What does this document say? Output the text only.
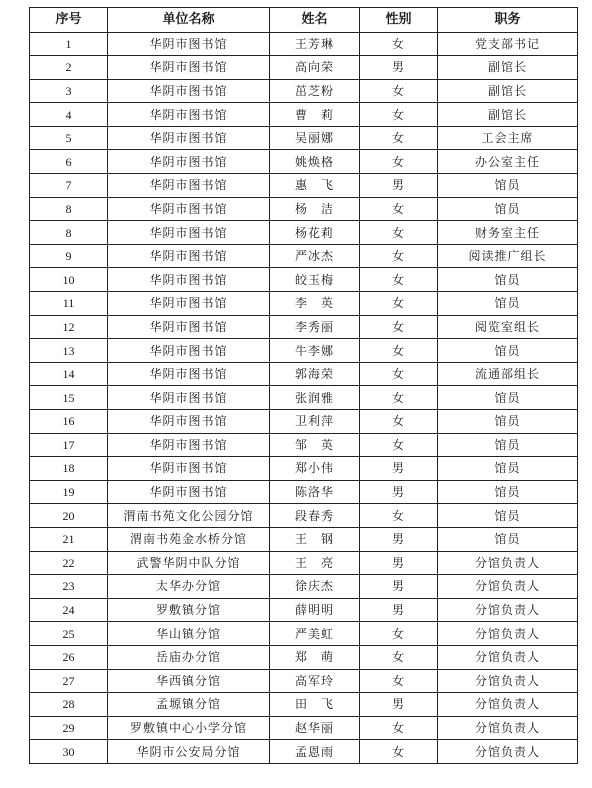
序号	单位名称	姓名	性别	职务
1	华阴市图书馆	王芳琳	女	党支部书记
2	华阴市图书馆	高向荣	男	副馆长
3	华阴市图书馆	茁芝粉	女	副馆长
4	华阴市图书馆	曹　莉	女	副馆长
5	华阴市图书馆	吴丽娜	女	工会主席
6	华阴市图书馆	姚焕格	女	办公室主任
7	华阴市图书馆	惠　飞	男	馆员
8	华阴市图书馆	杨　洁	女	馆员
8	华阴市图书馆	杨花莉	女	财务室主任
9	华阴市图书馆	严冰杰	女	阅读推广组长
10	华阴市图书馆	皎玉梅	女	馆员
11	华阴市图书馆	李　英	女	馆员
12	华阴市图书馆	李秀丽	女	阅览室组长
13	华阴市图书馆	牛李娜	女	馆员
14	华阴市图书馆	郭海荣	女	流通部组长
15	华阴市图书馆	张润雅	女	馆员
16	华阴市图书馆	卫利萍	女	馆员
17	华阴市图书馆	邹　英	女	馆员
18	华阴市图书馆	郑小伟	男	馆员
19	华阴市图书馆	陈洛华	男	馆员
20	渭南书苑文化公园分馆	段春秀	女	馆员
21	渭南书苑金水桥分馆	王　钢	男	馆员
22	武警华阴中队分馆	王　亮	男	分馆负责人
23	太华办分馆	徐庆杰	男	分馆负责人
24	罗敷镇分馆	薛明明	男	分馆负责人
25	华山镇分馆	严美虹	女	分馆负责人
26	岳庙办分馆	郑　萌	女	分馆负责人
27	华西镇分馆	高军玲	女	分馆负责人
28	孟塬镇分馆	田　飞	男	分馆负责人
29	罗敷镇中心小学分馆	赵华丽	女	分馆负责人
30	华阴市公安局分馆	孟恩雨	女	分馆负责人
